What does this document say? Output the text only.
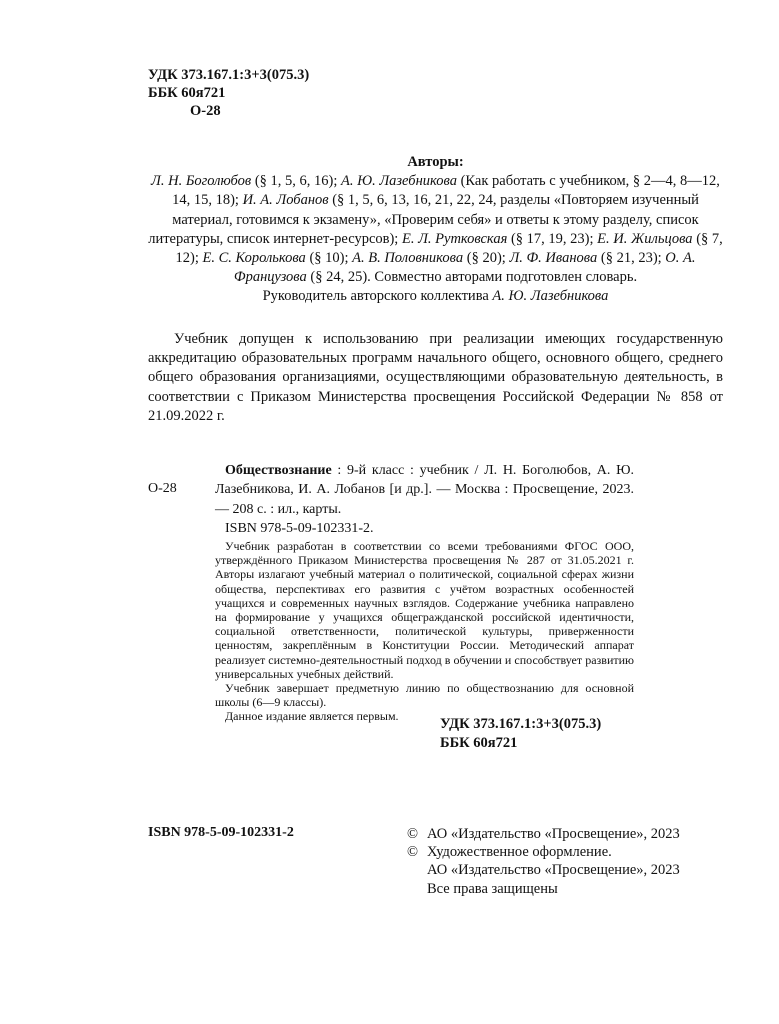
УДК 373.167.1:3+3(075.3)
ББК 60я721
О-28
Авторы:
Л. Н. Боголюбов (§ 1, 5, 6, 16); А. Ю. Лазебникова (Как работать с учебником, § 2—4, 8—12, 14, 15, 18); И. А. Лобанов (§ 1, 5, 6, 13, 16, 21, 22, 24, разделы «Повторяем изученный материал, готовимся к экзамену», «Проверим себя» и ответы к этому разделу, список литературы, список интернет-ресурсов); Е. Л. Рутковская (§ 17, 19, 23); Е. И. Жильцова (§ 7, 12); Е. С. Королькова (§ 10); А. В. Половникова (§ 20); Л. Ф. Иванова (§ 21, 23); О. А. Французова (§ 24, 25). Совместно авторами подготовлен словарь.
Руководитель авторского коллектива А. Ю. Лазебникова
Учебник допущен к использованию при реализации имеющих государственную аккредитацию образовательных программ начального общего, основного общего, среднего общего образования организациями, осуществляющими образовательную деятельность, в соответствии с Приказом Министерства просвещения Российской Федерации № 858 от 21.09.2022 г.
О-28
Обществознание : 9-й класс : учебник / Л. Н. Боголюбов, А. Ю. Лазебникова, И. А. Лобанов [и др.]. — Москва : Просвещение, 2023. — 208 с. : ил., карты.
ISBN 978-5-09-102331-2.

Учебник разработан в соответствии со всеми требованиями ФГОС ООО, утверждённого Приказом Министерства просвещения № 287 от 31.05.2021 г. Авторы излагают учебный материал о политической, социальной сферах жизни общества, перспективах его развития с учётом возрастных особенностей учащихся и современных научных взглядов. Содержание учебника направлено на формирование у учащихся общегражданской российской идентичности, социальной ответственности, политической культуры, приверженности ценностям, закреплённым в Конституции России. Методический аппарат реализует системно-деятельностный подход в обучении и способствует развитию универсальных учебных действий.

Учебник завершает предметную линию по обществознанию для основной школы (6—9 классы).

Данное издание является первым.	УДК 373.167.1:3+3(075.3)
ББК 60я721
ISBN 978-5-09-102331-2	© АО «Издательство «Просвещение», 2023
© Художественное оформление.
АО «Издательство «Просвещение», 2023
Все права защищены
